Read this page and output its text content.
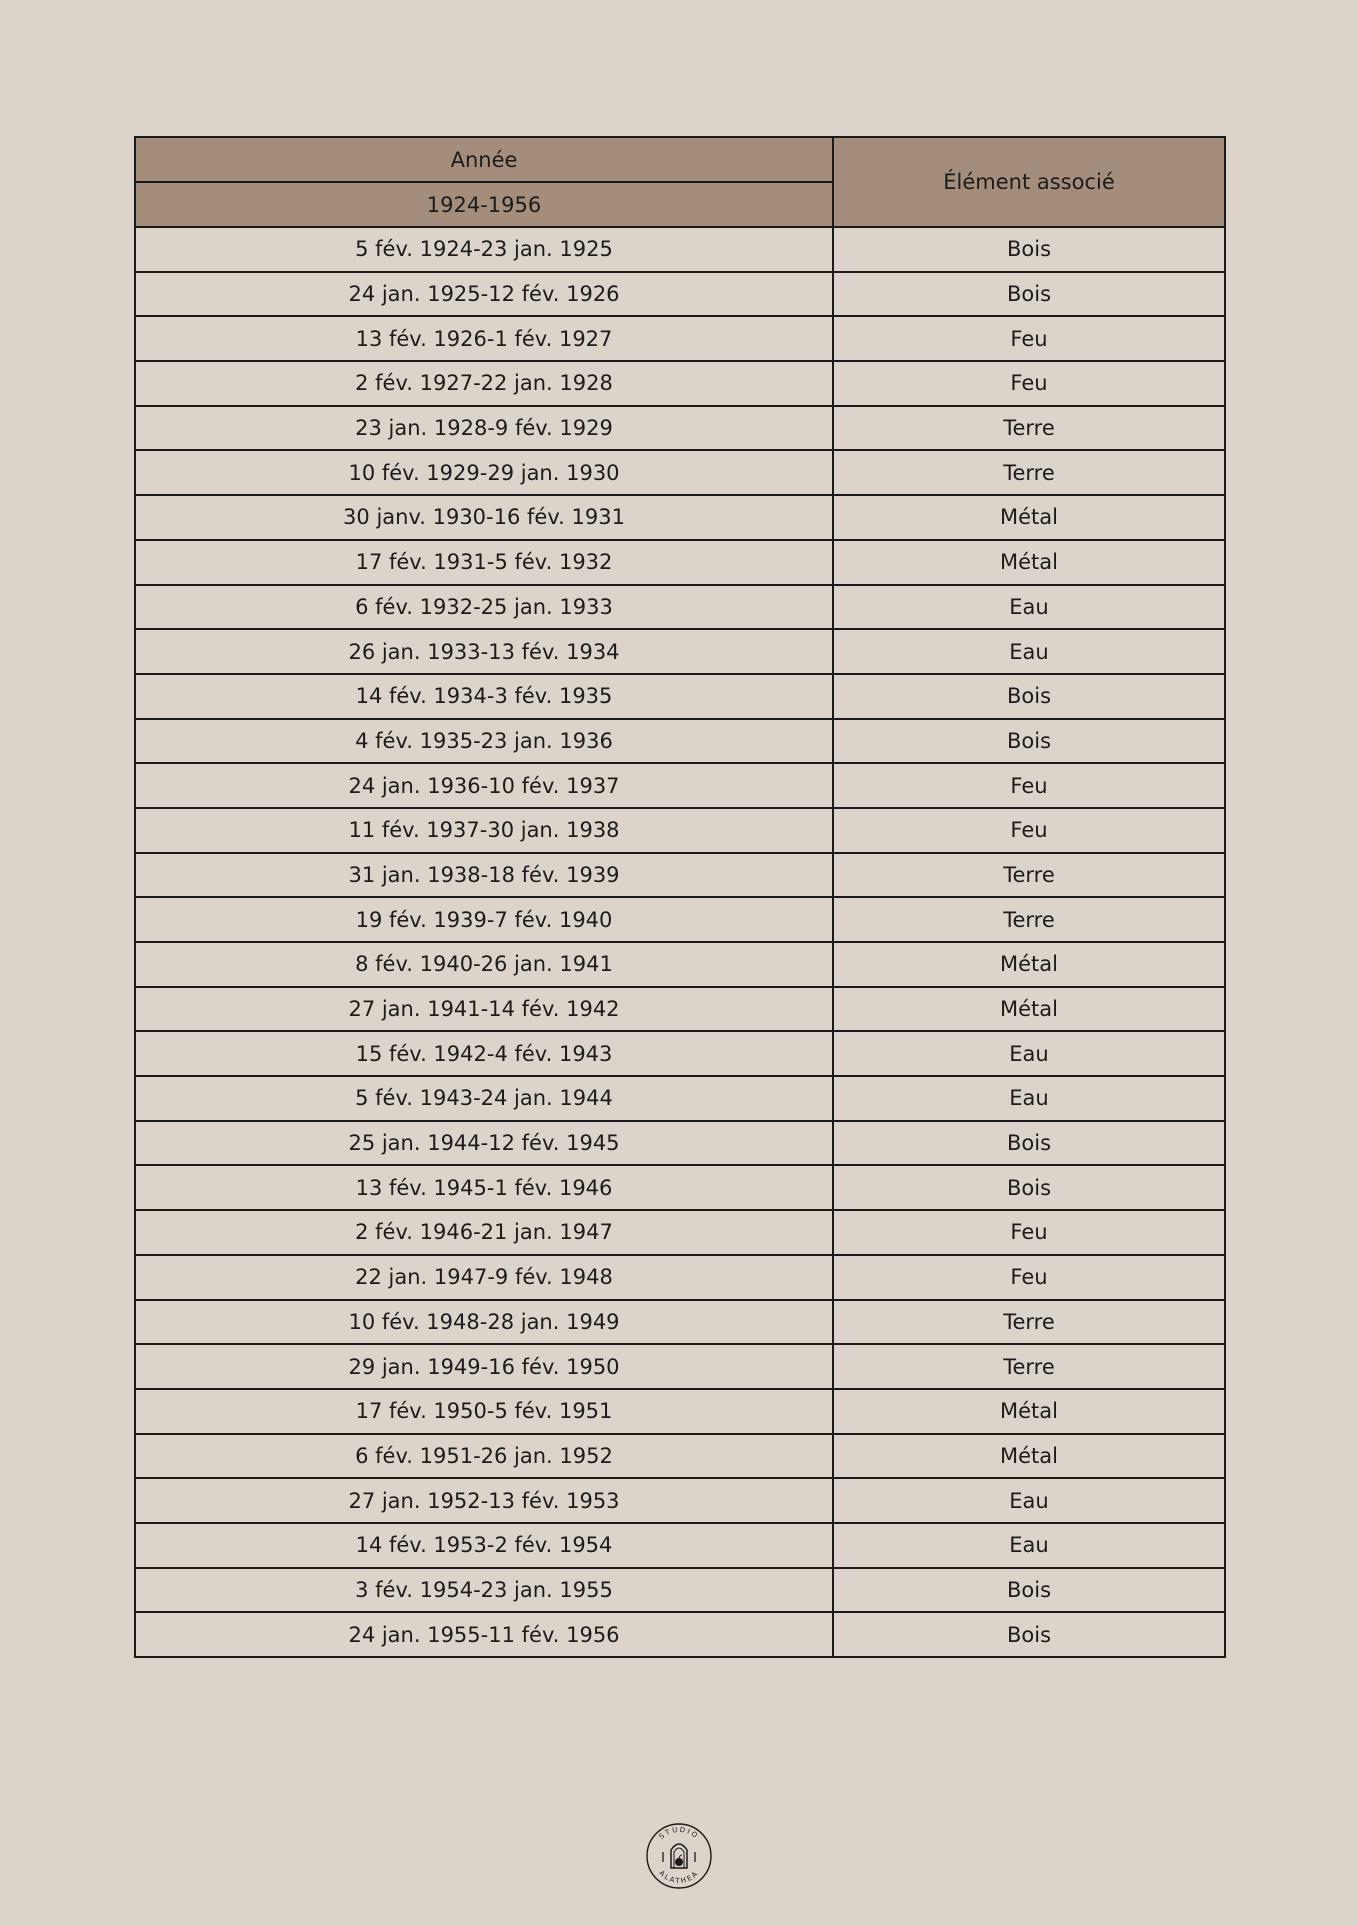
Année	Élément associé
1924-1956	
5 fév. 1924-23 jan. 1925	Bois
24 jan. 1925-12 fév. 1926	Bois
13 fév. 1926-1 fév. 1927	Feu
2 fév. 1927-22 jan. 1928	Feu
23 jan. 1928-9 fév. 1929	Terre
10 fév. 1929-29 jan. 1930	Terre
30 janv. 1930-16 fév. 1931	Métal
17 fév. 1931-5 fév. 1932	Métal
6 fév. 1932-25 jan. 1933	Eau
26 jan. 1933-13 fév. 1934	Eau
14 fév. 1934-3 fév. 1935	Bois
4 fév. 1935-23 jan. 1936	Bois
24 jan. 1936-10 fév. 1937	Feu
11 fév. 1937-30 jan. 1938	Feu
31 jan. 1938-18 fév. 1939	Terre
19 fév. 1939-7 fév. 1940	Terre
8 fév. 1940-26 jan. 1941	Métal
27 jan. 1941-14 fév. 1942	Métal
15 fév. 1942-4 fév. 1943	Eau
5 fév. 1943-24 jan. 1944	Eau
25 jan. 1944-12 fév. 1945	Bois
13 fév. 1945-1 fév. 1946	Bois
2 fév. 1946-21 jan. 1947	Feu
22 jan. 1947-9 fév. 1948	Feu
10 fév. 1948-28 jan. 1949	Terre
29 jan. 1949-16 fév. 1950	Terre
17 fév. 1950-5 fév. 1951	Métal
6 fév. 1951-26 jan. 1952	Métal
27 jan. 1952-13 fév. 1953	Eau
14 fév. 1953-2 fév. 1954	Eau
3 fév. 1954-23 jan. 1955	Bois
24 jan. 1955-11 fév. 1956	Bois
STUDIO
ALATHEA
